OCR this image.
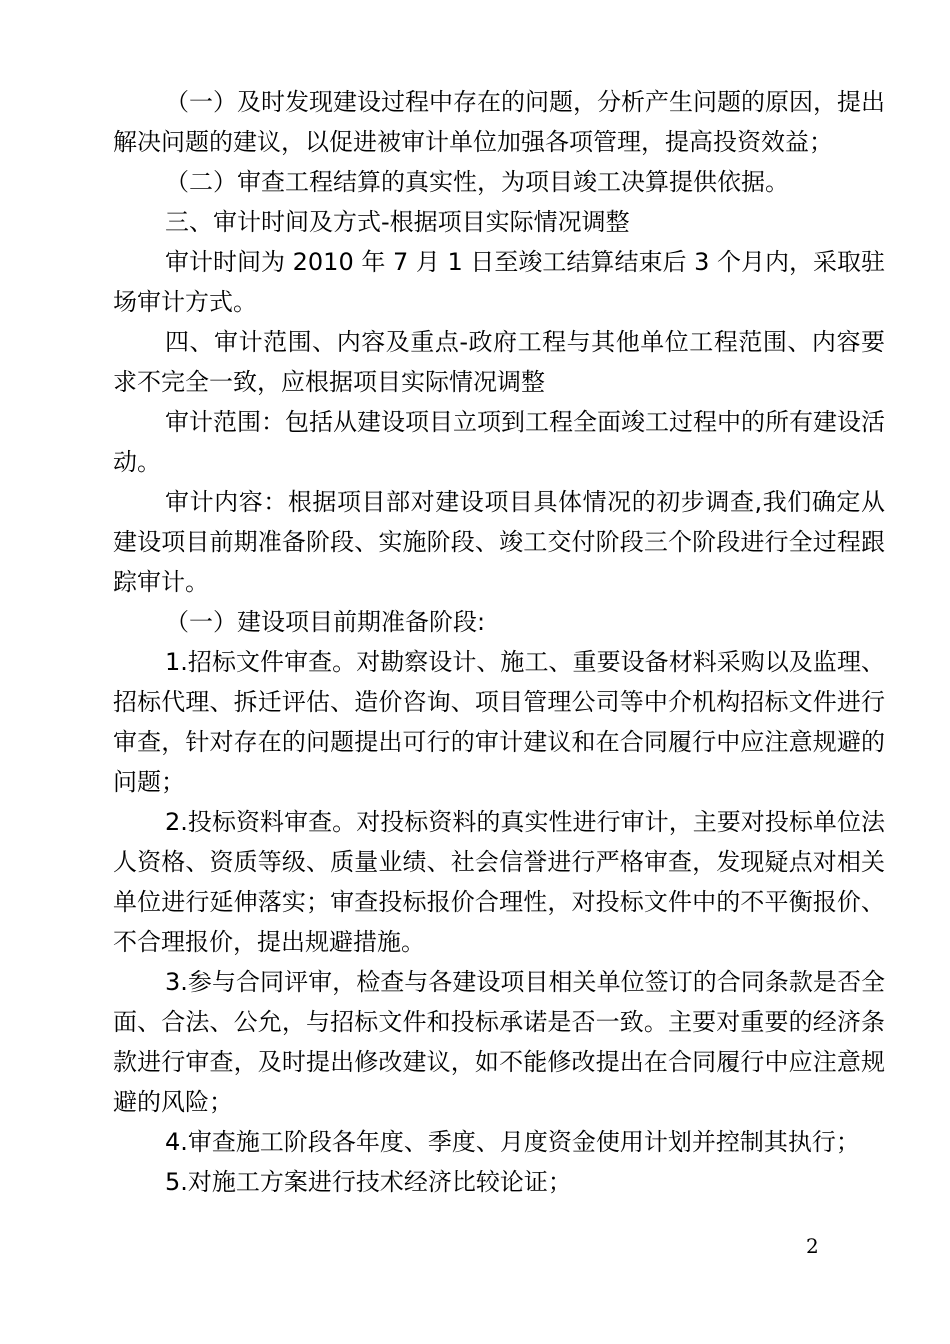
（一）及时发现建设过程中存在的问题，分析产生问题的原因，提出解决问题的建议，以促进被审计单位加强各项管理，提高投资效益；

（二）审查工程结算的真实性，为项目竣工决算提供依据。

三、审计时间及方式-根据项目实际情况调整

审计时间为 2010 年 7 月 1 日至竣工结算结束后 3 个月内，采取驻场审计方式。

四、审计范围、内容及重点-政府工程与其他单位工程范围、内容要求不完全一致，应根据项目实际情况调整

审计范围：包括从建设项目立项到工程全面竣工过程中的所有建设活动。

审计内容：根据项目部对建设项目具体情况的初步调查,我们确定从建设项目前期准备阶段、实施阶段、竣工交付阶段三个阶段进行全过程跟踪审计。

（一）建设项目前期准备阶段:

1.招标文件审查。对勘察设计、施工、重要设备材料采购以及监理、招标代理、拆迁评估、造价咨询、项目管理公司等中介机构招标文件进行审查，针对存在的问题提出可行的审计建议和在合同履行中应注意规避的问题；

2.投标资料审查。对投标资料的真实性进行审计，主要对投标单位法人资格、资质等级、质量业绩、社会信誉进行严格审查，发现疑点对相关单位进行延伸落实；审查投标报价合理性，对投标文件中的不平衡报价、不合理报价，提出规避措施。

3.参与合同评审，检查与各建设项目相关单位签订的合同条款是否全面、合法、公允，与招标文件和投标承诺是否一致。主要对重要的经济条款进行审查，及时提出修改建议，如不能修改提出在合同履行中应注意规避的风险；

4.审查施工阶段各年度、季度、月度资金使用计划并控制其执行；

5.对施工方案进行技术经济比较论证；

2
